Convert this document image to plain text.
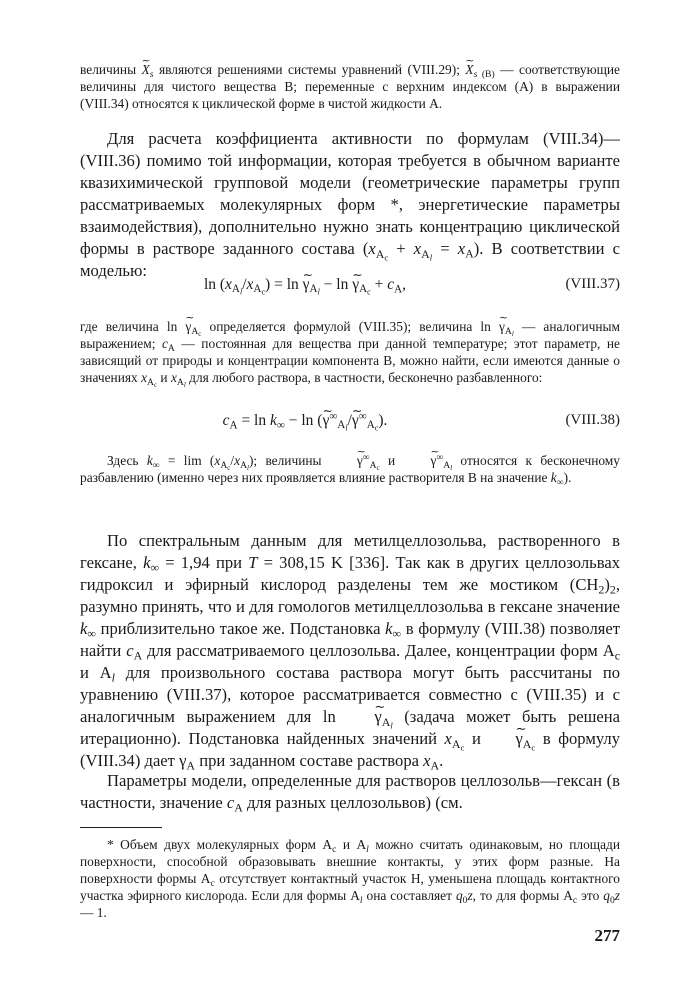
величины ∼ $X_s$ являются решениями системы уравнений (VIII.29); ∼ $X_{s (B)}$ — соответствующие величины для чистого вещества B; переменные с верхним индексом (A) в выражении (VIII.34) относятся к циклической форме в чистой жидкости A.

Для расчета коэффициента активности по формулам (VIII.34)—(VIII.36) помимо той информации, которая требуется в обычном варианте квазихимической групповой модели (геометрические параметры групп рассматриваемых молекулярных форм *, энергетические параметры взаимодействия), дополнительно нужно знать концентрацию циклической формы в растворе заданного состава $(x_{A_c} + x_{A_l} = x_A)$. В соответствии с моделью:

$\ln (x_{A_l}/x_{A_c}) = \ln$ ∼ $\gamma_{A_l} - \ln$ ∼ $\gamma_{A_c} + c_A$,	(VIII.37)

где величина ln ∼ $\gamma_{A_c}$ определяется формулой (VIII.35); величина ln ∼ $\gamma_{A_l}$ — аналогичным выражением; $c_A$ — постоянная для вещества при данной температуре; этот параметр, не зависящий от природы и концентрации компонента B, можно найти, если имеются данные о значениях $x_{A_c}$ и $x_{A_l}$ для любого раствора, в частности, бесконечно разбавленного:

$c_A = \ln k_\infty - \ln$ (∼ $\gamma^\infty_{A_l}/\sim$ $\gamma^\infty_{A_c}$).	(VIII.38)

Здесь $k_\infty = \lim (x_{A_c}/x_{A_l})$; величины ∼ $\gamma^\infty_{A_c}$ и ∼ $\gamma^\infty_{A_l}$ относятся к бесконечному разбавлению (именно через них проявляется влияние растворителя B на значение $k_\infty$).

По спектральным данным для метилцеллозольва, растворенного в гексане, $k_\infty = 1,94$ при T = 308,15 K [336]. Так как в других целлозольвах гидроксил и эфирный кислород разделены тем же мостиком $(CH_2)_2$, разумно принять, что и для гомологов метилцеллозольва в гексане значение $k_\infty$ приблизительно такое же. Подстановка $k_\infty$ в формулу (VIII.38) позволяет найти $c_A$ для рассматриваемого целлозольва. Далее, концентрации форм $A_c$ и $A_l$ для произвольного состава раствора могут быть рассчитаны по уравнению (VIII.37), которое рассматривается совместно с (VIII.35) и с аналогичным выражением для ln ∼ $\gamma_{A_l}$ (задача может быть решена итерационно). Подстановка найденных значений $x_{A_c}$ и ∼ $\gamma_{A_c}$ в формулу (VIII.34) дает $\gamma_A$ при заданном составе раствора $x_A$.

Параметры модели, определенные для растворов целлозольв—гексан (в частности, значение $c_A$ для разных целлозольвов) (см.

* Объем двух молекулярных форм $A_c$ и $A_l$ можно считать одинаковым, но площади поверхности, способной образовывать внешние контакты, у этих форм разные. На поверхности формы $A_c$ отсутствует контактный участок H, уменьшена площадь контактного участка эфирного кислорода. Если для формы $A_l$ она составляет $q_0z$, то для формы $A_c$ это $q_0z$ — 1.

277
